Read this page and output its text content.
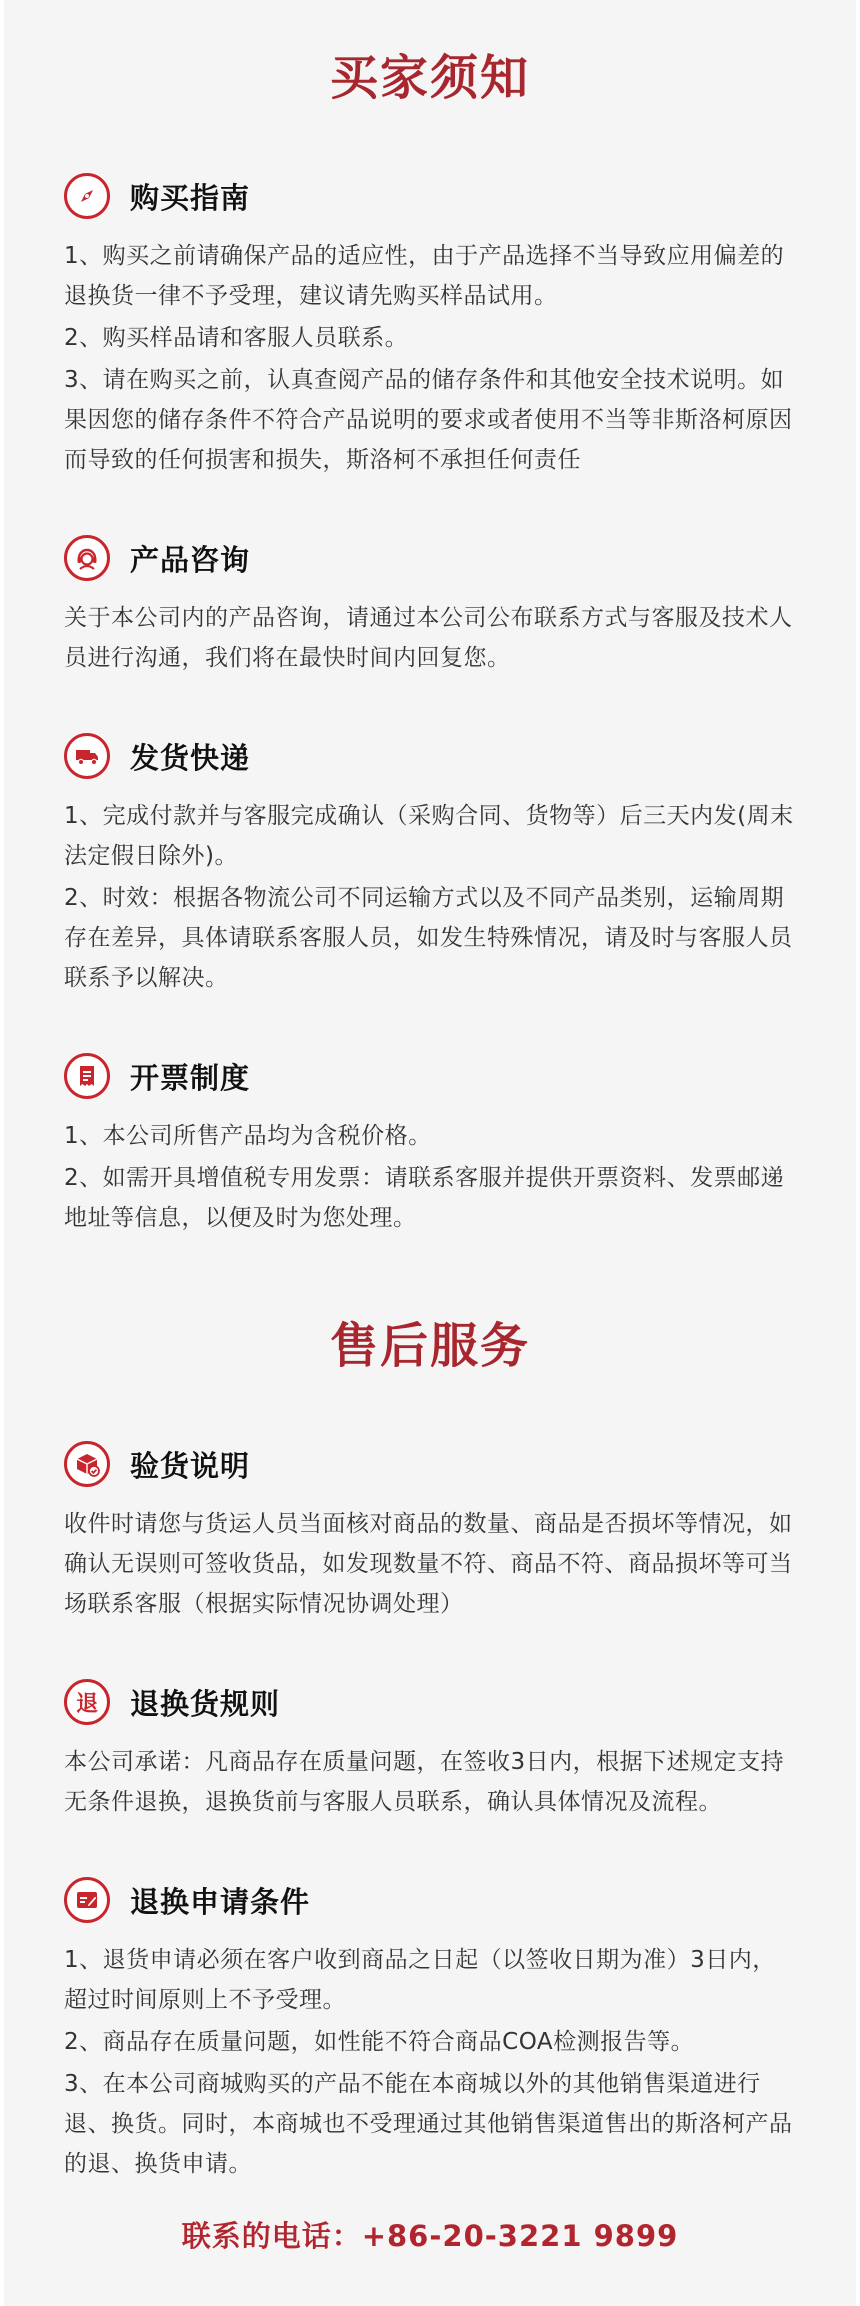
买家须知
购买指南

1、购买之前请确保产品的适应性，由于产品选择不当导致应用偏差的退换货一律不予受理，建议请先购买样品试用。

2、购买样品请和客服人员联系。

3、请在购买之前，认真查阅产品的储存条件和其他安全技术说明。如果因您的储存条件不符合产品说明的要求或者使用不当等非斯洛柯原因而导致的任何损害和损失，斯洛柯不承担任何责任

产品咨询

关于本公司内的产品咨询，请通过本公司公布联系方式与客服及技术人员进行沟通，我们将在最快时间内回复您。

发货快递

1、完成付款并与客服完成确认（采购合同、货物等）后三天内发(周末法定假日除外)。

2、时效：根据各物流公司不同运输方式以及不同产品类别，运输周期存在差异，具体请联系客服人员，如发生特殊情况，请及时与客服人员联系予以解决。

开票制度

1、本公司所售产品均为含税价格。

2、如需开具增值税专用发票：请联系客服并提供开票资料、发票邮递地址等信息，以便及时为您处理。

售后服务
验货说明

收件时请您与货运人员当面核对商品的数量、商品是否损坏等情况，如确认无误则可签收货品，如发现数量不符、商品不符、商品损坏等可当场联系客服（根据实际情况协调处理）

退 退换货规则

本公司承诺：凡商品存在质量问题，在签收3日内，根据下述规定支持无条件退换，退换货前与客服人员联系，确认具体情况及流程。

退换申请条件

1、退货申请必须在客户收到商品之日起（以签收日期为准）3日内，超过时间原则上不予受理。

2、商品存在质量问题，如性能不符合商品COA检测报告等。

3、在本公司商城购买的产品不能在本商城以外的其他销售渠道进行退、换货。同时，本商城也不受理通过其他销售渠道售出的斯洛柯产品的退、换货申请。

联系的电话：+86-20-3221 9899
